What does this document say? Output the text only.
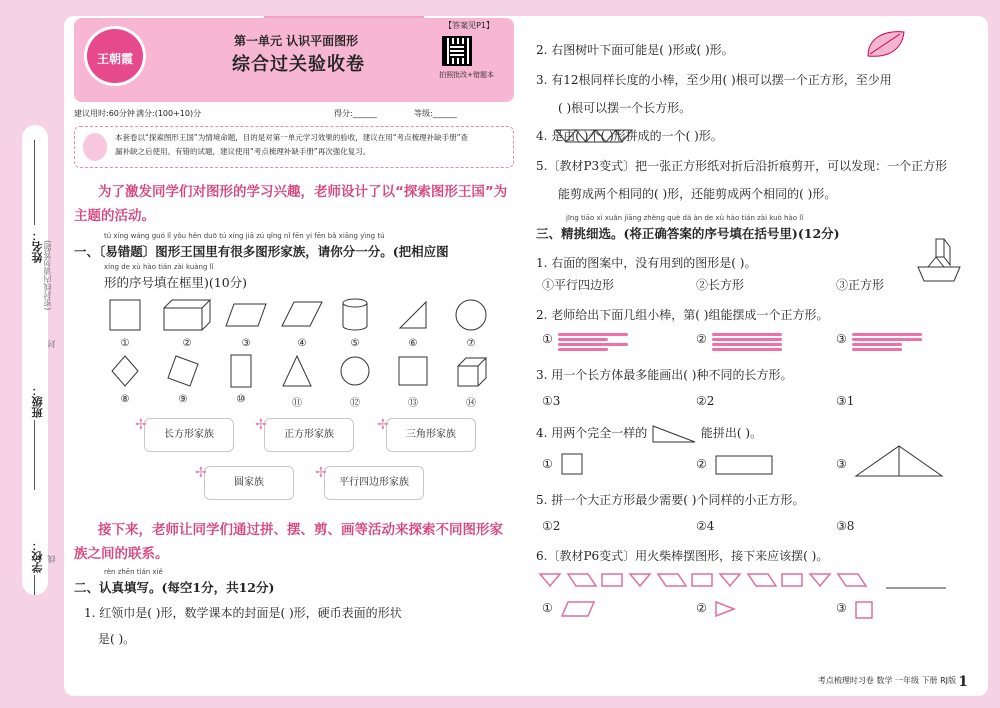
姓名： (密封线内请勿答题)
封
班级：
学校： 线
王朝霞
第一单元 认识平面图形
综合过关验收卷
【答案见P1】
拍照批改+错题本
建议用时:60分钟 满分:(100+10)分	得分:______	等级:______
本套卷以“探索图形王国”为情境命题，目的是对第一单元学习效果的验收，建议在用“考点梳理补缺手册”查
漏补缺之后使用。有错的试题，建议使用“考点梳理补缺手册”再次强化复习。
为了激发同学们对图形的学习兴趣，老师设计了以“探索图形王国”为主题的活动。
tú xíng wáng guó lǐ yǒu hěn duō tú xíng jiā zú qǐng nǐ fēn yi fēn bǎ xiāng yìng tú
一、〔易错题〕图形王国里有很多图形家族，请你分一分。(把相应图
xíng de xù hào tián zài kuàng lǐ
形的序号填在框里)(10分)
①	②	③	④	⑤	⑥	⑦
⑧	⑨	⑩	⑪	⑫	⑬	⑭
✢
长方形家族
✢
正方形家族
✢
三角形家族
✢
圆家族
✢
平行四边形家族
接下来，老师让同学们通过拼、摆、剪、画等活动来探索不同图形家族之间的联系。
rèn zhēn tián xiě
二、认真填写。(每空1分，共12分)
1. 红领巾是( )形，数学课本的封面是( )形，硬币表面的形状
是( )。
2. 右图树叶下面可能是( )形或( )形。
3. 有12根同样长度的小棒，至少用( )根可以摆一个正方形，至少用
( )根可以摆一个长方形。
4. 是由( )个( )形拼成的一个( )形。
5.〔教材P3变式〕把一张正方形纸对折后沿折痕剪开，可以发现：一个正方形
能剪成两个相同的( )形，还能剪成两个相同的( )形。
jīng tiāo xì xuǎn jiāng zhèng què dá àn de xù hào tián zài kuò hào lǐ
三、精挑细选。(将正确答案的序号填在括号里)(12分)
1. 右面的图案中，没有用到的图形是( )。
①平行四边形	②长方形	③正方形
2. 老师给出下面几组小棒，第( )组能摆成一个正方形。
①	②	③
3. 用一个长方体最多能画出( )种不同的长方形。
①3	②2	③1
4. 用两个完全一样的	能拼出( )。
①	②	③
5. 拼一个大正方形最少需要( )个同样的小正方形。
①2	②4	③8
6.〔教材P6变式〕用火柴棒摆图形，接下来应该摆( )。
①	②	③
考点梳理时习卷 数学 一年级 下册 RJ版 1
